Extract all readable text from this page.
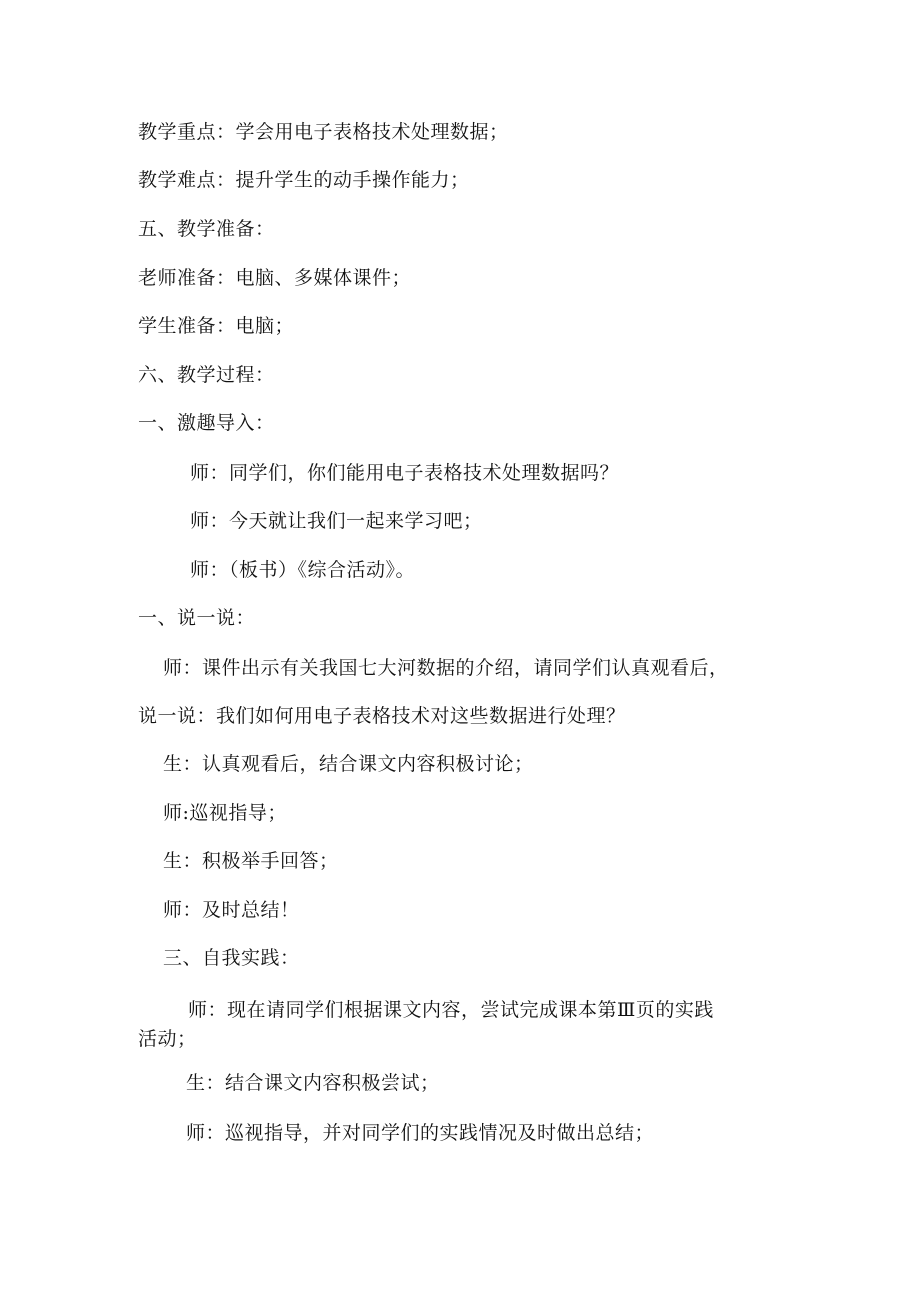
教学重点：学会用电子表格技术处理数据；
教学难点：提升学生的动手操作能力；
五、教学准备：
老师准备：电脑、多媒体课件；
学生准备：电脑；
六、教学过程：
一、激趣导入：
师：同学们，你们能用电子表格技术处理数据吗？
师：今天就让我们一起来学习吧；
师：（板书）《综合活动》。
一、说一说：
师：课件出示有关我国七大河数据的介绍，请同学们认真观看后，
说一说：我们如何用电子表格技术对这些数据进行处理？
生：认真观看后，结合课文内容积极讨论；
师:巡视指导；
生：积极举手回答；
师：及时总结！
三、自我实践：
师：现在请同学们根据课文内容，尝试完成课本第Ⅲ页的实践
活动；
生：结合课文内容积极尝试；
师：巡视指导，并对同学们的实践情况及时做出总结；
